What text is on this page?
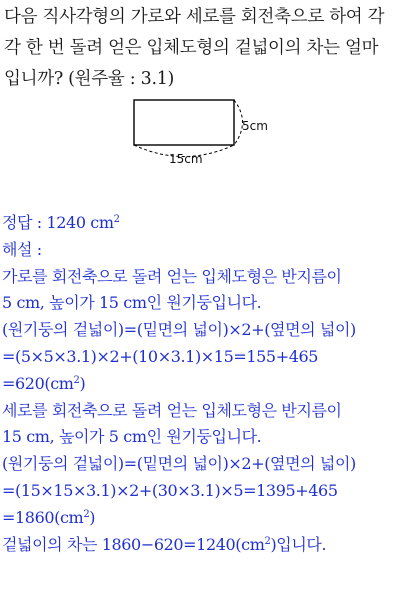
다음 직사각형의 가로와 세로를 회전축으로 하여 각
각 한 번 돌려 얻은 입체도형의 겉넓이의 차는 얼마
입니까? (원주율 : 3.1)
5cm
15cm
정답 : 1240 $cm^2$
해설 :
가로를 회전축으로 돌려 얻는 입체도형은 반지름이
5 cm, 높이가 15 cm인 원기둥입니다.
(원기둥의 겉넓이)=(밑면의 넓이)×2+(옆면의 넓이)
=(5×5×3.1)×2+(10×3.1)×15=155+465
$=620(cm^2)$
세로를 회전축으로 돌려 얻는 입체도형은 반지름이
15 cm, 높이가 5 cm인 원기둥입니다.
(원기둥의 겉넓이)=(밑면의 넓이)×2+(옆면의 넓이)
=(15×15×3.1)×2+(30×3.1)×5=1395+465
$=1860(cm^2)$
겉넓이의 차는 $1860-620=1240(cm^2)$입니다.
